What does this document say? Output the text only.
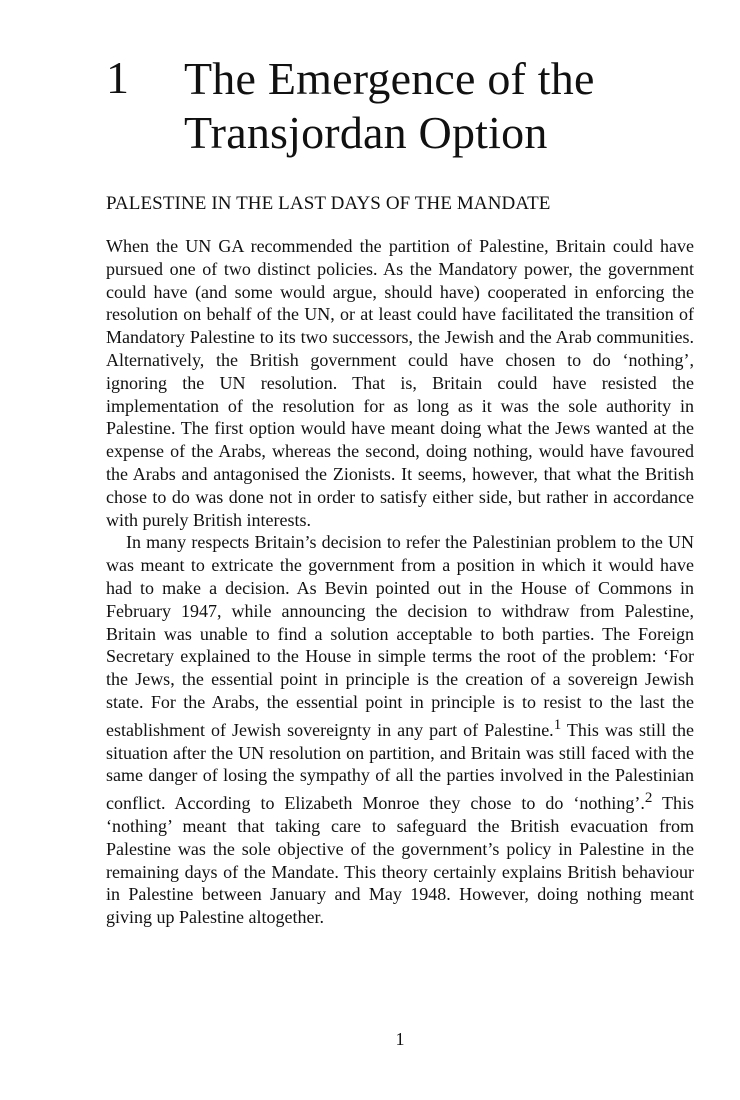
1 The Emergence of the Transjordan Option
PALESTINE IN THE LAST DAYS OF THE MANDATE

When the UN GA recommended the partition of Palestine, Britain could have pursued one of two distinct policies. As the Mandatory power, the government could have (and some would argue, should have) cooperated in enforcing the resolution on behalf of the UN, or at least could have facilitated the transition of Mandatory Palestine to its two successors, the Jewish and the Arab communities. Alternatively, the British government could have chosen to do ‘nothing’, ignoring the UN resolution. That is, Britain could have resisted the implementation of the resolution for as long as it was the sole authority in Palestine. The first option would have meant doing what the Jews wanted at the expense of the Arabs, whereas the second, doing nothing, would have favoured the Arabs and antagonised the Zionists. It seems, however, that what the British chose to do was done not in order to satisfy either side, but rather in accordance with purely British interests.

In many respects Britain’s decision to refer the Palestinian problem to the UN was meant to extricate the government from a position in which it would have had to make a decision. As Bevin pointed out in the House of Commons in February 1947, while announcing the decision to withdraw from Palestine, Britain was unable to find a solution acceptable to both parties. The Foreign Secretary explained to the House in simple terms the root of the problem: ‘For the Jews, the essential point in principle is the creation of a sovereign Jewish state. For the Arabs, the essential point in principle is to resist to the last the establishment of Jewish sovereignty in any part of Palestine.$^1$ This was still the situation after the UN resolution on partition, and Britain was still faced with the same danger of losing the sympathy of all the parties involved in the Palestinian conflict. According to Elizabeth Monroe they chose to do ‘nothing’.$^2$ This ‘nothing’ meant that taking care to safeguard the British evacuation from Palestine was the sole objective of the government’s policy in Palestine in the remaining days of the Mandate. This theory certainly explains British behaviour in Palestine between January and May 1948. However, doing nothing meant giving up Palestine altogether.

1
